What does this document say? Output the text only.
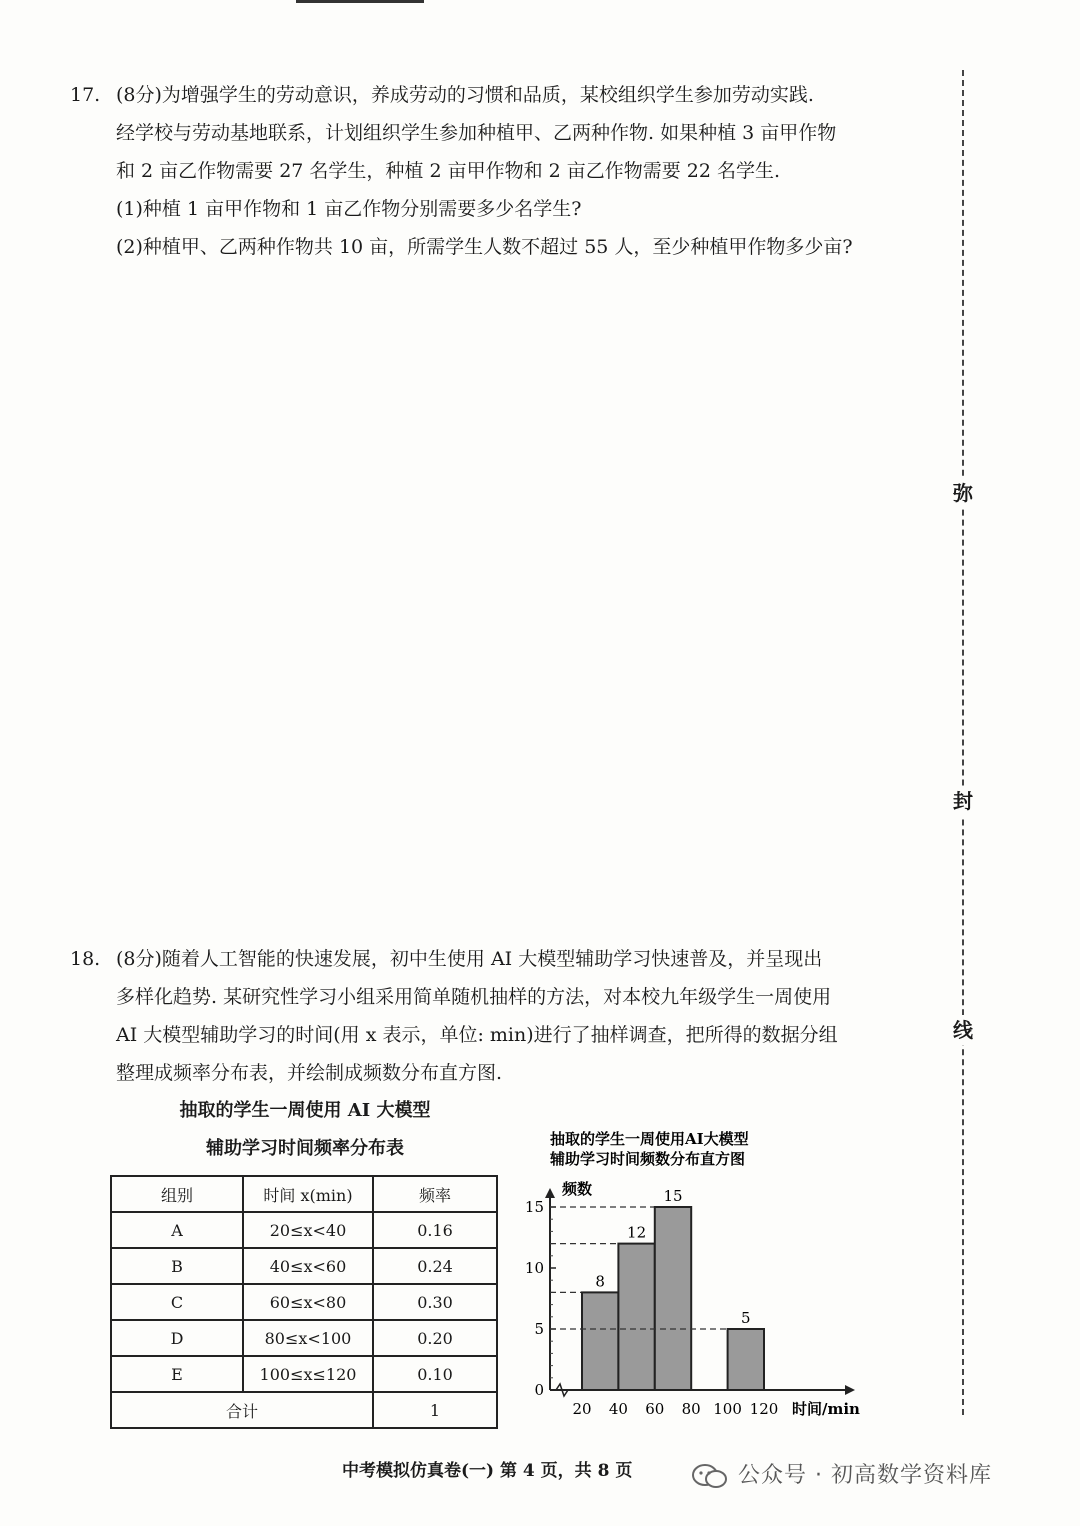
17. (8分)为增强学生的劳动意识，养成劳动的习惯和品质，某校组织学生参加劳动实践.

经学校与劳动基地联系，计划组织学生参加种植甲、乙两种作物. 如果种植 3 亩甲作物

和 2 亩乙作物需要 27 名学生，种植 2 亩甲作物和 2 亩乙作物需要 22 名学生.

(1)种植 1 亩甲作物和 1 亩乙作物分别需要多少名学生?

(2)种植甲、乙两种作物共 10 亩，所需学生人数不超过 55 人，至少种植甲作物多少亩?

18. (8分)随着人工智能的快速发展，初中生使用 AI 大模型辅助学习快速普及，并呈现出

多样化趋势. 某研究性学习小组采用简单随机抽样的方法，对本校九年级学生一周使用

AI 大模型辅助学习的时间(用 x 表示，单位: min)进行了抽样调查，把所得的数据分组

整理成频率分布表，并绘制成频数分布直方图.

弥
封
线
抽取的学生一周使用 AI 大模型
辅助学习时间频率分布表
组别	时间 x(min)	频率
A	20≤x<40	0.16
B	40≤x<60	0.24
C	60≤x<80	0.30
D	80≤x<100	0.20
E	100≤x≤120	0.10
合计		1
抽取的学生一周使用AI大模型
辅助学习时间频数分布直方图
频数
时间/min
0
5
10
15
8
12
15
5
20 40 60 80 100 120
中考模拟仿真卷(一) 第 4 页，共 8 页	公众号 · 初高数学资料库
